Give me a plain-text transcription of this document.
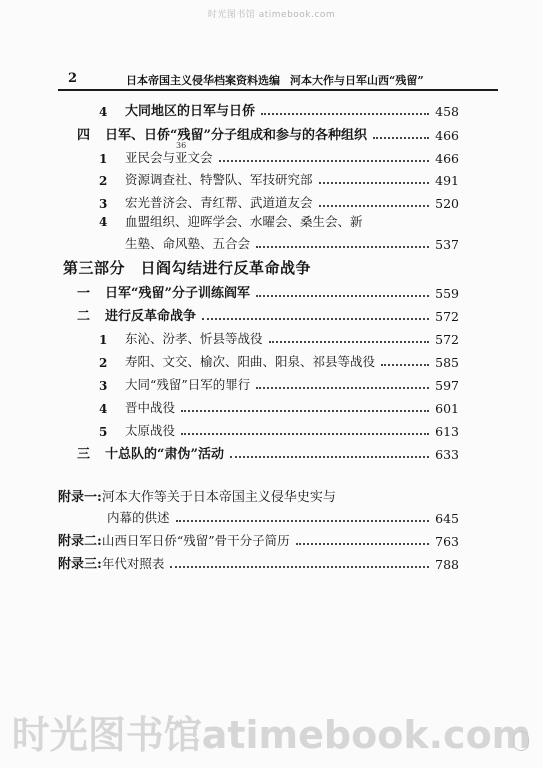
时光图书馆 atimebook.com
2	日本帝国主义侵华档案资料选编 河本大作与日军山西“残留”
4	大同地区的日军与日侨	458
四	日军、日侨“残留”分子组成和参与的各种组织	466
36
1	亚民会与亚文会	466
2	资源调查社、特警队、军技研究部	491
3	宏光普济会、青红帮、武道道友会	520
4 血盟组织、迎晖学会、水曜会、桑生会、新
生塾、命风塾、五合会	537
第三部分　日阎勾结进行反革命战争
一	日军“残留”分子训练阎军	559
二	进行反革命战争	572
1	东沁、汾孝、忻县等战役	572
2	寿阳、文交、榆次、阳曲、阳泉、祁县等战役	585
3	大同“残留”日军的罪行	597
4	晋中战役	601
5	太原战役	613
三	十总队的“肃伪”活动	633
附录一:河本大作等关于日本帝国主义侵华史实与
内幕的供述	645
附录二: 山西日军日侨“残留”骨干分子简历	763
附录三: 年代对照表	788
时光图书馆atimebook.com
